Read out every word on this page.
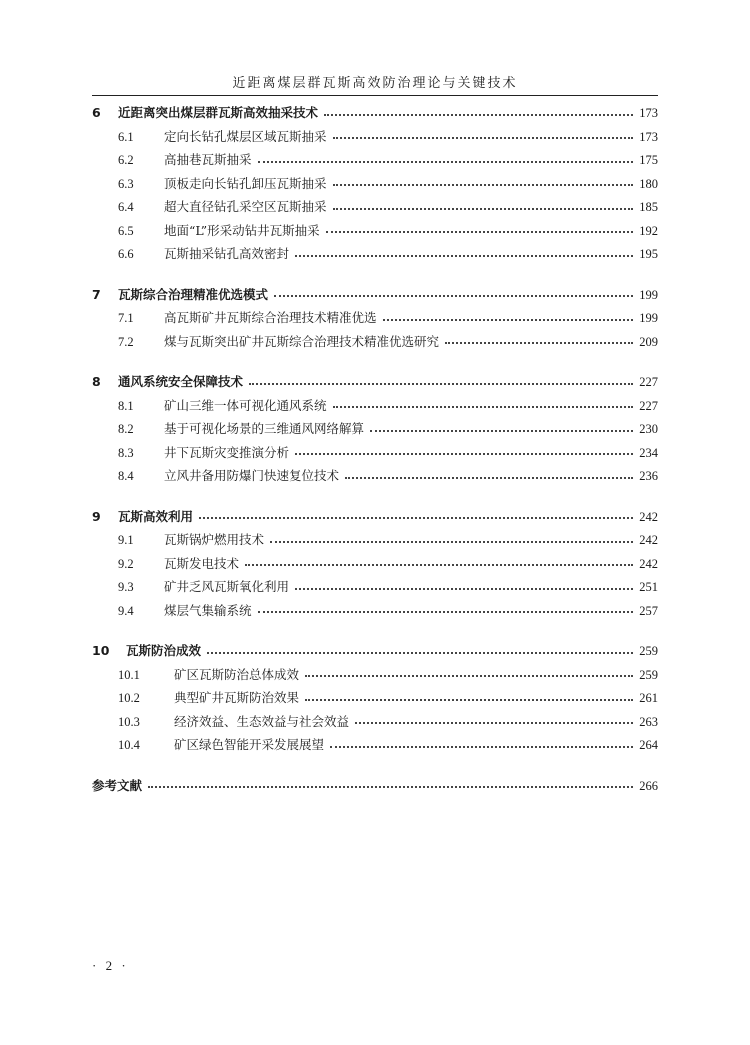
近距离煤层群瓦斯高效防治理论与关键技术
6	近距离突出煤层群瓦斯高效抽采技术	173
6.1	定向长钻孔煤层区域瓦斯抽采	173
6.2	高抽巷瓦斯抽采	175
6.3	顶板走向长钻孔卸压瓦斯抽采	180
6.4	超大直径钻孔采空区瓦斯抽采	185
6.5	地面“L”形采动钻井瓦斯抽采	192
6.6	瓦斯抽采钻孔高效密封	195
7	瓦斯综合治理精准优选模式	199
7.1	高瓦斯矿井瓦斯综合治理技术精准优选	199
7.2	煤与瓦斯突出矿井瓦斯综合治理技术精准优选研究	209
8	通风系统安全保障技术	227
8.1	矿山三维一体可视化通风系统	227
8.2	基于可视化场景的三维通风网络解算	230
8.3	井下瓦斯灾变推演分析	234
8.4	立风井备用防爆门快速复位技术	236
9	瓦斯高效利用	242
9.1	瓦斯锅炉燃用技术	242
9.2	瓦斯发电技术	242
9.3	矿井乏风瓦斯氧化利用	251
9.4	煤层气集输系统	257
10	瓦斯防治成效	259
10.1	矿区瓦斯防治总体成效	259
10.2	典型矿井瓦斯防治效果	261
10.3	经济效益、生态效益与社会效益	263
10.4	矿区绿色智能开采发展展望	264
参考文献	266
· 2 ·
